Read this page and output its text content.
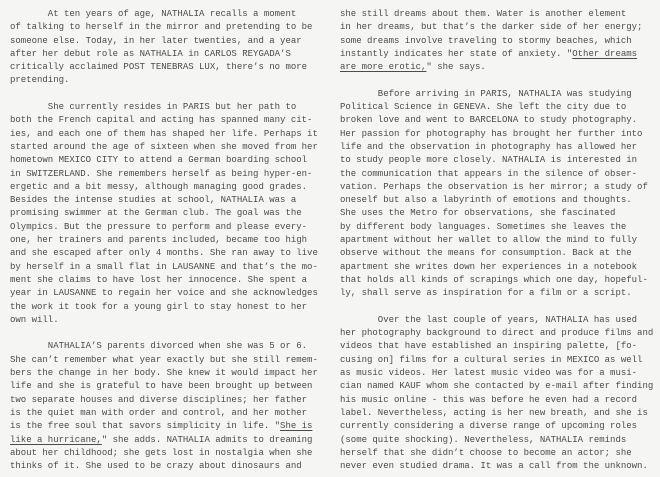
At ten years of age, NATHALIA recalls a moment
of talking to herself in the mirror and pretending to be
someone else. Today, in her later twenties, and a year
after her debut role as NATHALIA in CARLOS REYGADA’S
critically acclaimed POST TENEBRAS LUX, there’s no more
pretending.
She currently resides in PARIS but her path to
both the French capital and acting has spanned many cit-
ies, and each one of them has shaped her life. Perhaps it
started around the age of sixteen when she moved from her
hometown MEXICO CITY to attend a German boarding school
in SWITZERLAND. She remembers herself as being hyper-en-
ergetic and a bit messy, although managing good grades.
Besides the intense studies at school, NATHALIA was a
promising swimmer at the German club. The goal was the
Olympics. But the pressure to perform and please every-
one, her trainers and parents included, became too high
and she escaped after only 4 months. She ran away to live
by herself in a small flat in LAUSANNE and that’s the mo-
ment she claims to have lost her innocence. She spent a
year in LAUSANNE to regain her voice and she acknowledges
the work it took for a young girl to stay honest to her
own will.
NATHALIA’S parents divorced when she was 5 or 6.
She can’t remember what year exactly but she still remem-
bers the change in her body. She knew it would impact her
life and she is grateful to have been brought up between
two separate houses and diverse disciplines; her father
is the quiet man with order and control, and her mother
is the free soul that savors simplicity in life. "She is
like a hurricane," she adds. NATHALIA admits to dreaming
about her childhood; she gets lost in nostalgia when she
thinks of it. She used to be crazy about dinosaurs and
she still dreams about them. Water is another element
in her dreams, but that’s the darker side of her energy;
some dreams involve traveling to stormy beaches, which
instantly indicates her state of anxiety. "Other dreams
are more erotic," she says.
Before arriving in PARIS, NATHALIA was studying
Political Science in GENEVA. She left the city due to
broken love and went to BARCELONA to study photography.
Her passion for photography has brought her further into
life and the observation in photography has allowed her
to study people more closely. NATHALIA is interested in
the communication that appears in the silence of obser-
vation. Perhaps the observation is her mirror; a study of
oneself but also a labyrinth of emotions and thoughts.
She uses the Metro for observations, she fascinated
by different body languages. Sometimes she leaves the
apartment without her wallet to allow the mind to fully
observe without the means for consumption. Back at the
apartment she writes down her experiences in a notebook
that holds all kinds of scrapings which one day, hopeful-
ly, shall serve as inspiration for a film or a script.
Over the last couple of years, NATHALIA has used
her photography background to direct and produce films and
videos that have established an inspiring palette, [fo-
cusing on] films for a cultural series in MEXICO as well
as music videos. Her latest music video was for a musi-
cian named KAUF whom she contacted by e-mail after finding
his music online - this was before he even had a record
label. Nevertheless, acting is her new breath, and she is
currently considering a diverse range of upcoming roles
(some quite shocking). Nevertheless, NATHALIA reminds
herself that she didn’t choose to become an actor; she
never even studied drama. It was a call from the unknown.
